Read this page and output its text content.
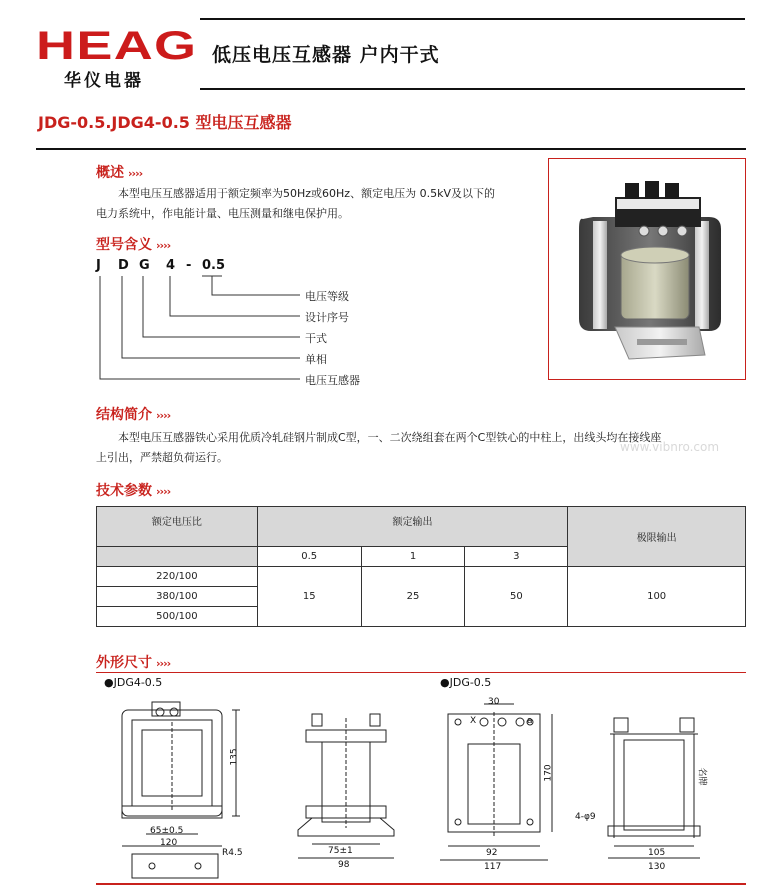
HEAG
华仪电器
低压电压互感器 户内干式
JDG-0.5.JDG4-0.5 型电压互感器
概述 ››››
本型电压互感器适用于额定频率为50Hz或60Hz、额定电压为 0.5kV及以下的
电力系统中，作电能计量、电压测量和继电保护用。
型号含义 ››››
J D G 4 - 0.5
电压等级
设计序号
干式
单相
电压互感器
结构简介 ››››
本型电压互感器铁心采用优质冷轧硅钢片制成C型，一、二次绕组套在两个C型铁心的中柱上，出线头均在接线座
上引出，严禁超负荷运行。
www.vibnro.com
技术参数 ››››
额定电压比	额定输出			极限输出
	0.5	1	3	
220/100	15	25	50	100
380/100				
500/100				
外形尺寸 ››››
●JDG4-0.5	●JDG-0.5
135
65±0.5
120
R4.5	75±1
98
30
X	a
170
92
117
4-φ9
名牌
105
130
